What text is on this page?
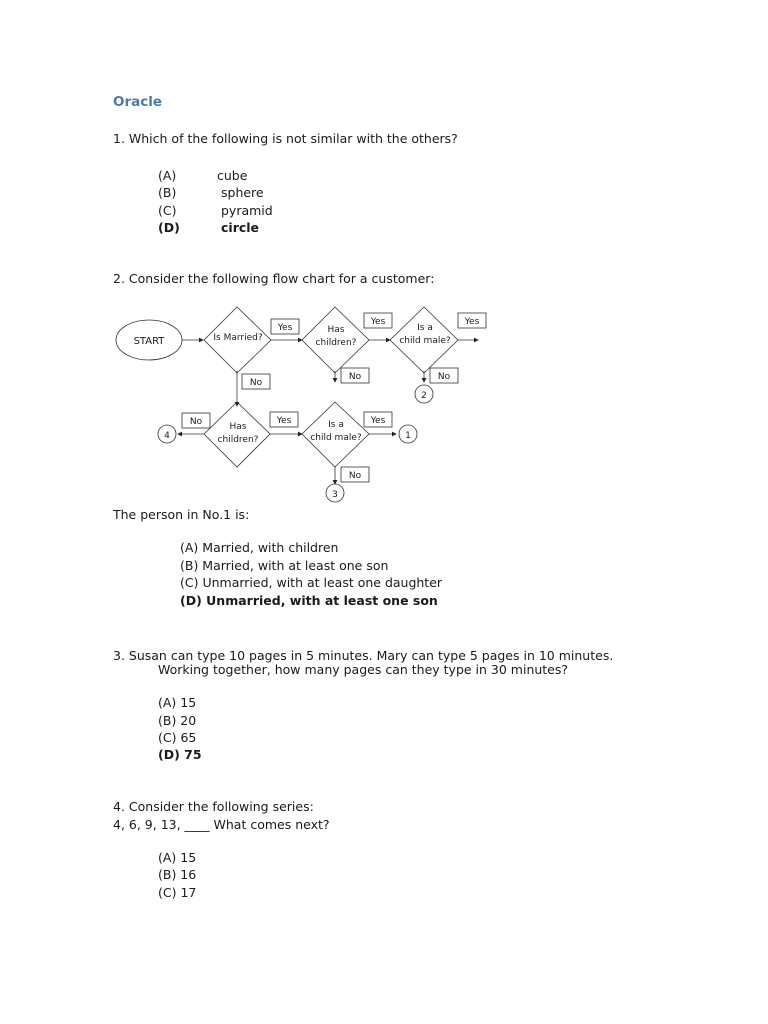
Oracle
1. Which of the following is not similar with the others?
(A)	cube
(B)	sphere
(C)	pyramid
(D)	circle
2. Consider the following flow chart for a customer:
START	Is Married?
Has
children?
Is a
child male?
Has
children?
Is a
child male?
Yes
Yes	Yes
No
No	No
No	Yes	Yes
No
2
4	1
3
The person in No.1 is:
(A) Married, with children
(B) Married, with at least one son
(C) Unmarried, with at least one daughter
(D) Unmarried, with at least one son
3. Susan can type 10 pages in 5 minutes. Mary can type 5 pages in 10 minutes.
Working together, how many pages can they type in 30 minutes?
(A) 15
(B) 20
(C) 65
(D) 75
4. Consider the following series:
4, 6, 9, 13, ____ What comes next?
(A) 15
(B) 16
(C) 17
